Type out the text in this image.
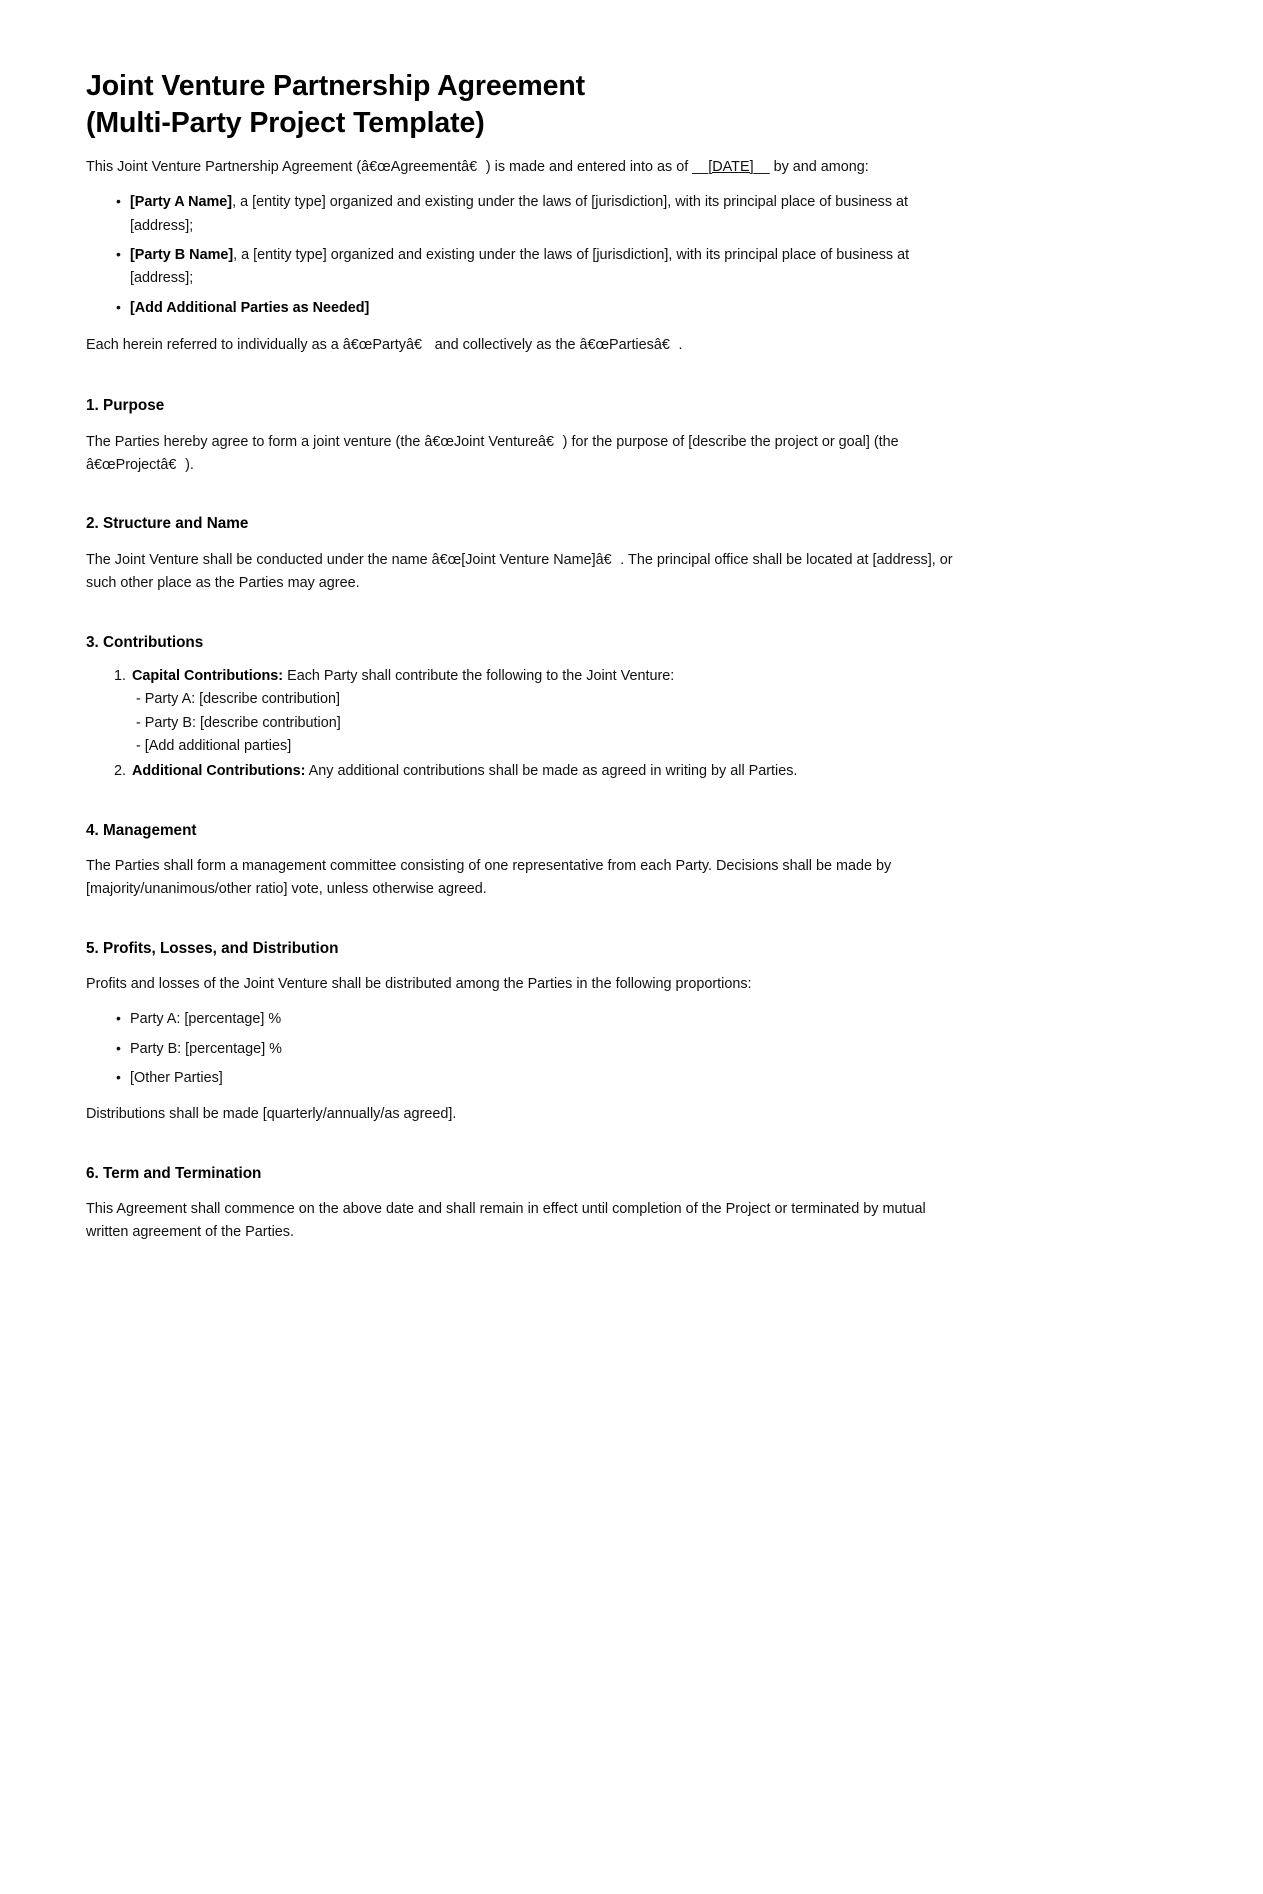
Joint Venture Partnership Agreement
(Multi-Party Project Template)

This Joint Venture Partnership Agreement (â€œAgreementâ€) is made and entered into as of __[DATE]__ by and among:

• [Party A Name], a [entity type] organized and existing under the laws of [jurisdiction], with its principal place of business at [address];
• [Party B Name], a [entity type] organized and existing under the laws of [jurisdiction], with its principal place of business at [address];
• [Add Additional Parties as Needed]

Each herein referred to individually as a â€œPartyâ€ and collectively as the â€œPartiesâ€.

1. Purpose

The Parties hereby agree to form a joint venture (the â€œJoint Ventureâ€) for the purpose of [describe the project or goal] (the â€œProjectâ€).

2. Structure and Name

The Joint Venture shall be conducted under the name â€œ[Joint Venture Name]â€. The principal office shall be located at [address], or such other place as the Parties may agree.

3. Contributions
Capital Contributions: Each Party shall contribute the following to the Joint Venture:
- Party A: [describe contribution]
- Party B: [describe contribution]
- [Add additional parties]
Additional Contributions: Any additional contributions shall be made as agreed in writing by all Parties.
4. Management

The Parties shall form a management committee consisting of one representative from each Party. Decisions shall be made by [majority/unanimous/other ratio] vote, unless otherwise agreed.

5. Profits, Losses, and Distribution

Profits and losses of the Joint Venture shall be distributed among the Parties in the following proportions:

• Party A: [percentage] %
• Party B: [percentage] %
• [Other Parties]

Distributions shall be made [quarterly/annually/as agreed].

6. Term and Termination

This Agreement shall commence on the above date and shall remain in effect until completion of the Project or terminated by mutual written agreement of the Parties.
